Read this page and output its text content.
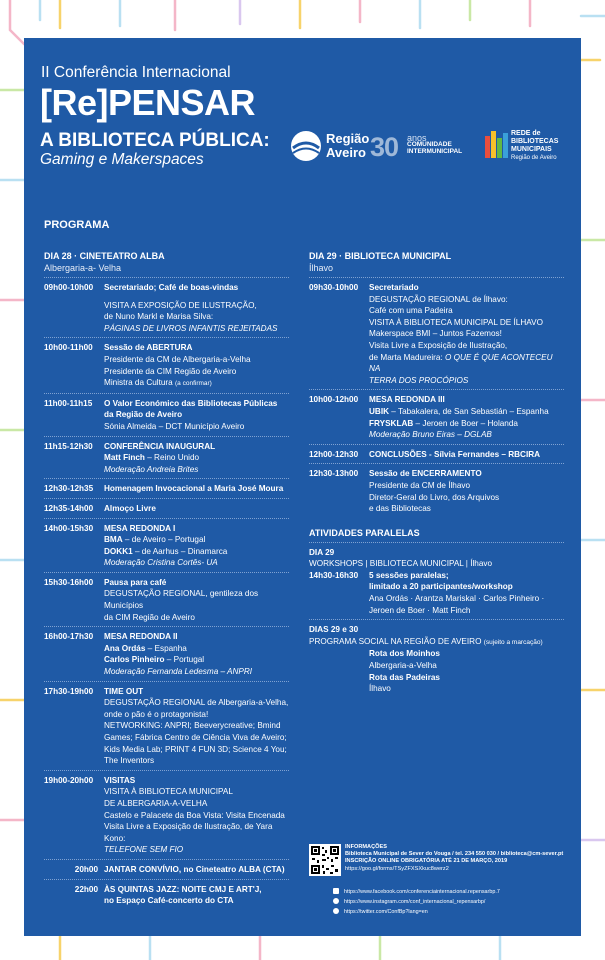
II Conferência Internacional
[Re]PENSAR
A BIBLIOTECA PÚBLICA:
Gaming e Makerspaces
Região
Aveiro 30 anos
COMUNIDADE
INTERMUNICIPAL
REDE de
BIBLIOTECAS
MUNICIPAIS
Região de Aveiro
PROGRAMA
DIA 28 · CINETEATRO ALBA
Albergaria-a- Velha
09h00-10h00	Secretariado; Café de boas-vindas
VISITA A EXPOSIÇÃO DE ILUSTRAÇÃO,
de Nuno Markl e Marisa Silva:
PÁGINAS DE LIVROS INFANTIS REJEITADAS
10h00-11h00	Sessão de ABERTURA
Presidente da CM de Albergaria-a-Velha
Presidente da CIM Região de Aveiro
Ministra da Cultura (a confirmar)
11h00-11h15	O Valor Económico das Bibliotecas Públicas
da Região de Aveiro
Sónia Almeida – DCT Município Aveiro
11h15-12h30	CONFERÊNCIA INAUGURAL
Matt Finch – Reino Unido
Moderação Andreia Brites
12h30-12h35	Homenagem Invocacional a Maria José Moura
12h35-14h00	Almoço Livre
14h00-15h30	MESA REDONDA I
BMA – de Aveiro – Portugal
DOKK1 – de Aarhus – Dinamarca
Moderação Cristina Cortês- UA
15h30-16h00	Pausa para café
DEGUSTAÇÃO REGIONAL, gentileza dos Municípios
da CIM Região de Aveiro
16h00-17h30	MESA REDONDA II
Ana Ordás – Espanha
Carlos Pinheiro – Portugal
Moderação Fernanda Ledesma – ANPRI
17h30-19h00	TIME OUT
DEGUSTAÇÃO REGIONAL de Albergaria-a-Velha,
onde o pão é o protagonista!
NETWORKING: ANPRI; Beeverycreative; Bmind
Games; Fábrica Centro de Ciência Viva de Aveiro;
Kids Media Lab; PRINT 4 FUN 3D; Science 4 You;
The Inventors
19h00-20h00	VISITAS
VISITA À BIBLIOTECA MUNICIPAL
DE ALBERGARIA-A-VELHA
Castelo e Palacete da Boa Vista: Visita Encenada
Visita Livre a Exposição de Ilustração, de Yara Kono:
TELEFONE SEM FIO
20h00 JANTAR CONVÍVIO, no Cineteatro ALBA (CTA)
22h00 ÀS QUINTAS JAZZ: NOITE CMJ E ART'J,
no Espaço Café-concerto do CTA
DIA 29 · BIBLIOTECA MUNICIPAL
Ílhavo
09h30-10h00	Secretariado
DEGUSTAÇÃO REGIONAL de Ílhavo:
Café com uma Padeira
VISITA À BIBLIOTECA MUNICIPAL DE ÍLHAVO
Makerspace BMI – Juntos Fazemos!
Visita Livre a Exposição de Ilustração,
de Marta Madureira: O QUE É QUE ACONTECEU NA
TERRA DOS PROCÓPIOS
10h00-12h00	MESA REDONDA III
UBIK – Tabakalera, de San Sebastián – Espanha
FRYSKLAB – Jeroen de Boer – Holanda
Moderação Bruno Eiras – DGLAB
12h00-12h30	CONCLUSÕES - Sílvia Fernandes – RBCIRA
12h30-13h00	Sessão de ENCERRAMENTO
Presidente da CM de Ílhavo
Diretor-Geral do Livro, dos Arquivos
e das Bibliotecas
ATIVIDADES PARALELAS
DIA 29
WORKSHOPS | BIBLIOTECA MUNICIPAL | Ílhavo
14h30-16h30	5 sessões paralelas;
limitado a 20 participantes/workshop
Ana Ordás · Arantza Mariskal · Carlos Pinheiro ·
Jeroen de Boer · Matt Finch
DIAS 29 e 30
PROGRAMA SOCIAL NA REGIÃO DE AVEIRO (sujeito a marcação)
Rota dos Moinhos
Albergaria-a-Velha
Rota das Padeiras
Ílhavo
INFORMAÇÕES
Biblioteca Municipal de Sever do Vouga / tel. 234 550 030 / biblioteca@cm-sever.pt
INSCRIÇÃO ONLINE OBRIGATÓRIA ATÉ 21 DE MARÇO, 2019
https://goo.gl/forms/TSyZFXSXkuc8werz2
https://www.facebook.com/conferenciainternacional.repensarbp.7
https://www.instagram.com/conf_internacional_repensarbp/
https://twitter.com/ConfBp?lang=en
